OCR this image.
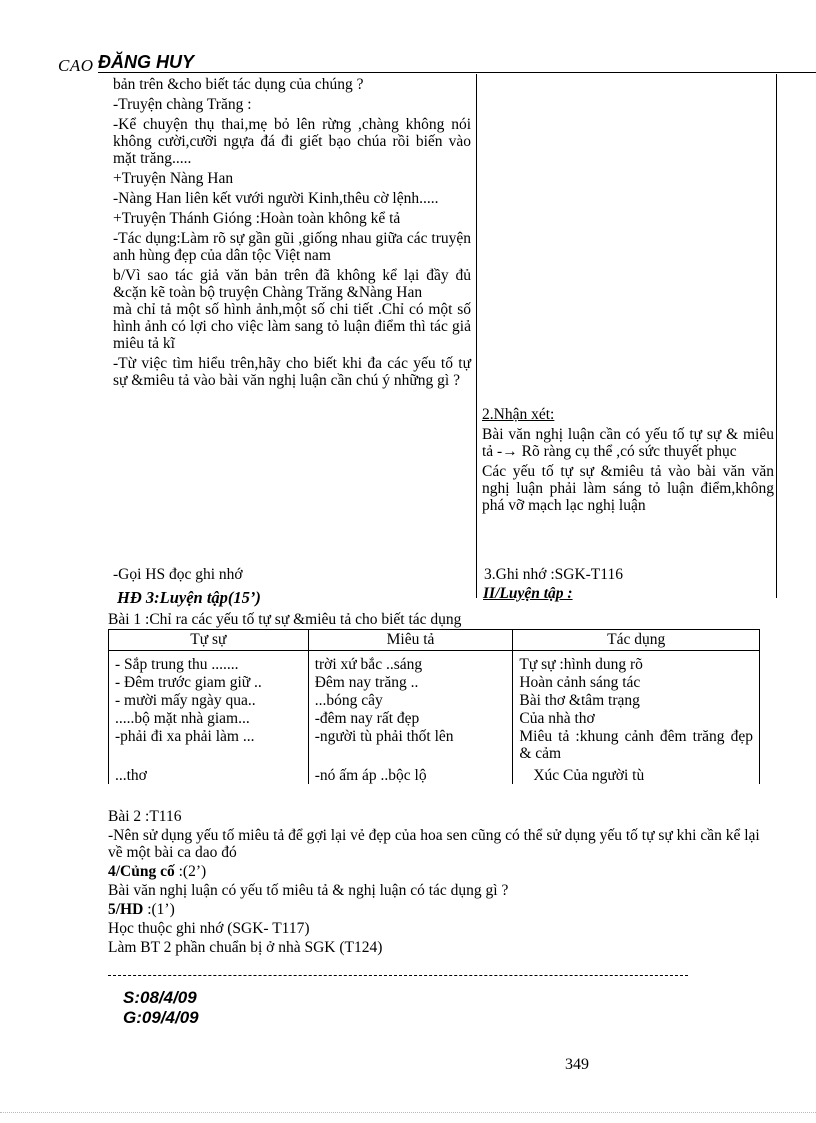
CAO ĐĂNG HUY

bản trên &cho biết tác dụng của chúng ?

-Truyện chàng Trăng :

-Kể chuyện thụ thai,mẹ bỏ lên rừng ,chàng không nói không cười,cưỡi ngựa đá đi giết bạo chúa rồi biến vào mặt trăng.....

+Truyện Nàng Han

-Nàng Han liên kết vưới người Kinh,thêu cờ lệnh.....

+Truyện Thánh Gióng :Hoàn toàn không kể tả

-Tác dụng:Làm rõ sự gần gũi ,giống nhau giữa các truyện anh hùng đẹp của dân tộc Việt nam

b/Vì sao tác giả văn bản trên đã không kể lại đầy đủ &cặn kẽ toàn bộ truyện Chàng Trăng &Nàng Han

mà chỉ tả một số hình ảnh,một số chi tiết .Chỉ có một số hình ảnh có lợi cho việc làm sang tỏ luận điểm thì tác giả miêu tả kĩ

-Từ việc tìm hiểu trên,hãy cho biết khi đa các yếu tố tự sự &miêu tả vào bài văn nghị luận cần chú ý những gì ?

2.Nhận xét:

Bài văn nghị luận cần có yếu tố tự sự & miêu tả -→ Rõ ràng cụ thể ,có sức thuyết phục

Các yếu tố tự sự &miêu tả vào bài văn văn nghị luận phải làm sáng tỏ luận điểm,không phá vỡ mạch lạc nghị luận

-Gọi HS đọc ghi nhớ	3.Ghi nhớ :SGK-T116
HĐ 3:Luyện tập(15’)	II/Luyện tập :
Bài 1 :Chỉ ra các yếu tố tự sự &miêu tả cho biết tác dụng
Tự sự	Miêu tả	Tác dụng
- Sắp trung thu .......	trời xứ bắc ..sáng	Tự sự :hình dung rõ
- Đêm trước giam giữ ..	Đêm nay trăng ..	Hoàn cảnh sáng tác
- mười mấy ngày qua..	...bóng cây	Bài thơ &tâm trạng
.....bộ mặt nhà giam...	-đêm nay rất đẹp	Của nhà thơ
-phải đi xa phải làm ...	-người tù phải thốt lên	Miêu tả :khung cảnh đêm trăng đẹp & cảm
...thơ	-nó ấm áp ..bộc lộ	Xúc Của người tù

Bài 2 :T116

-Nên sử dụng yếu tố miêu tả để gợi lại vẻ đẹp của hoa sen cũng có thể sử dụng yếu tố tự sự khi cần kể lại về một bài ca dao đó

4/Củng cố :(2’)

Bài văn nghị luận có yếu tố miêu tả & nghị luận có tác dụng gì ?

5/HD :(1’)

Học thuộc ghi nhớ (SGK- T117)

Làm BT 2 phần chuẩn bị ở nhà SGK (T124)

S:08/4/09
G:09/4/09
349
